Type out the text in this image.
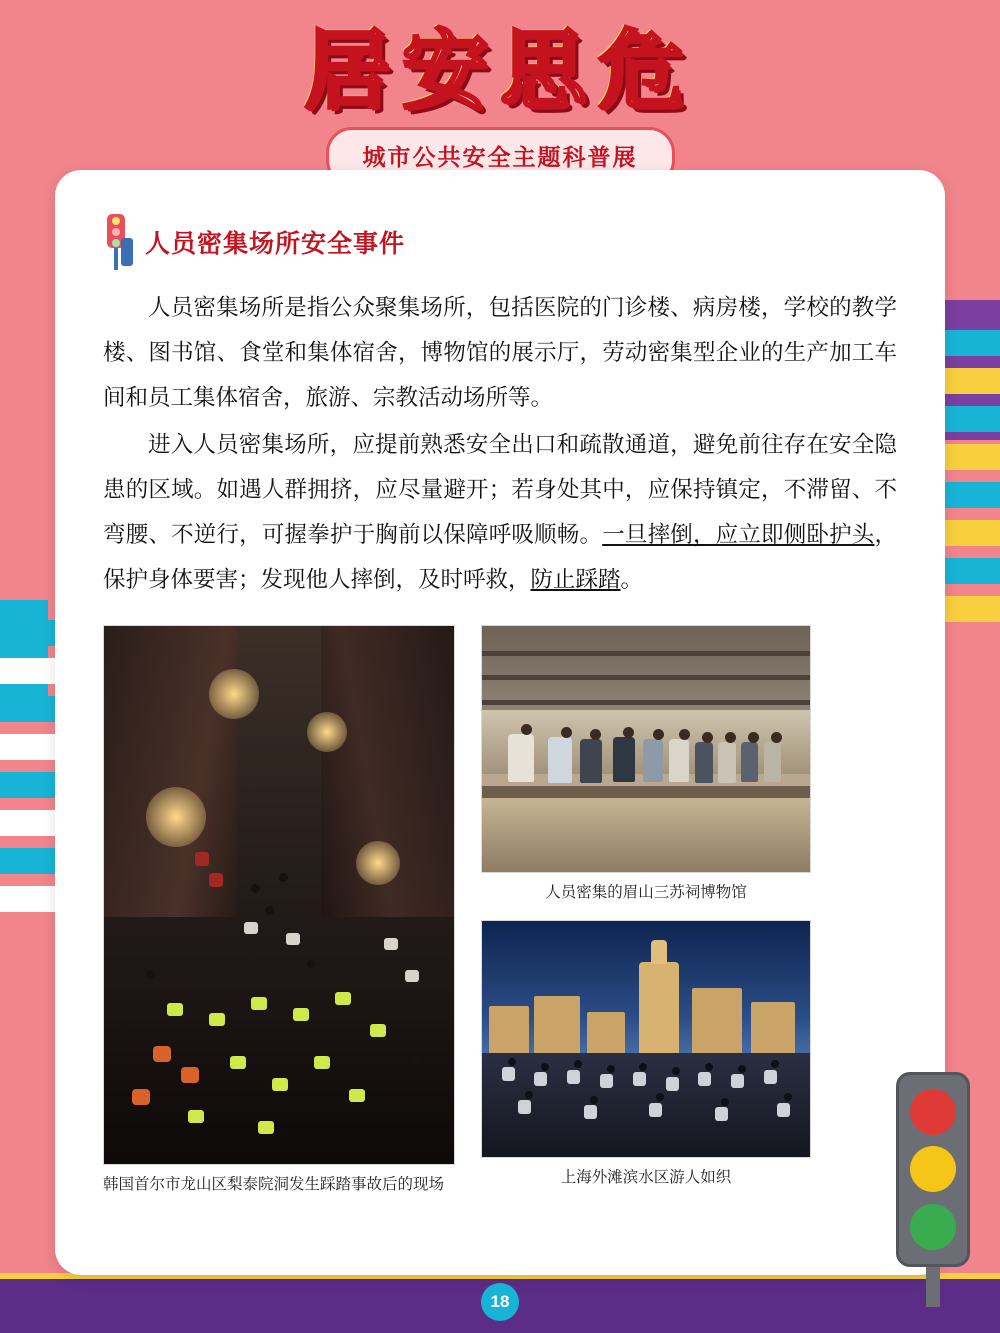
居安思危
城市公共安全主题科普展
人员密集场所安全事件

人员密集场所是指公众聚集场所，包括医院的门诊楼、病房楼，学校的教学楼、图书馆、食堂和集体宿舍，博物馆的展示厅，劳动密集型企业的生产加工车间和员工集体宿舍，旅游、宗教活动场所等。

进入人员密集场所，应提前熟悉安全出口和疏散通道，避免前往存在安全隐患的区域。如遇人群拥挤，应尽量避开；若身处其中，应保持镇定，不滞留、不弯腰、不逆行，可握拳护于胸前以保障呼吸顺畅。一旦摔倒，应立即侧卧护头，保护身体要害；发现他人摔倒，及时呼救，防止踩踏。

韩国首尔市龙山区梨泰院洞发生踩踏事故后的现场
人员密集的眉山三苏祠博物馆
上海外滩滨水区游人如织
18
